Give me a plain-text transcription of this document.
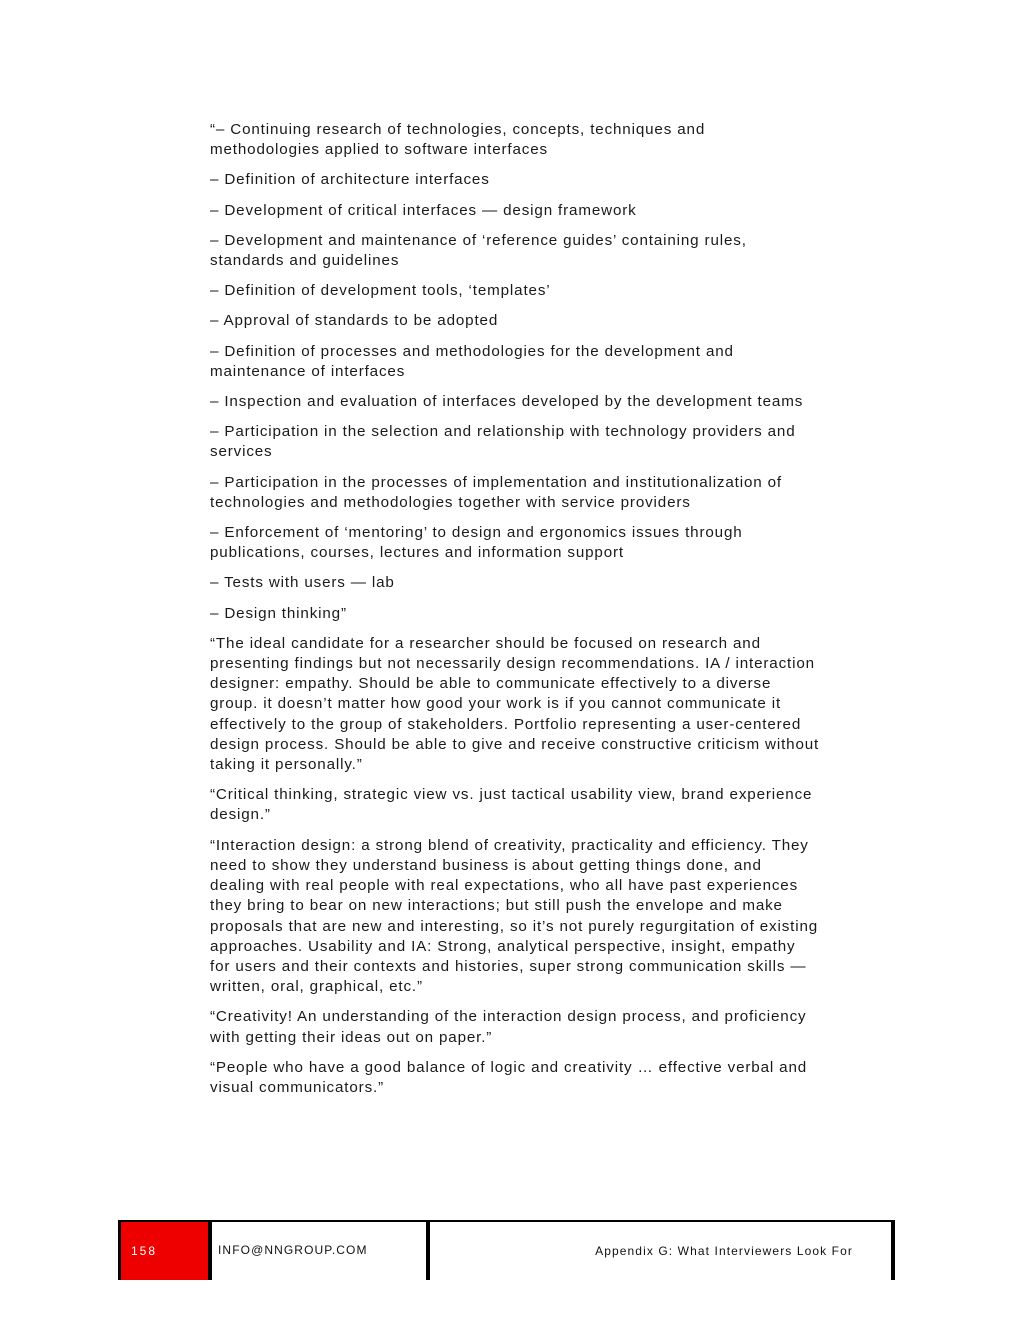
“– Continuing research of technologies, concepts, techniques and methodologies applied to software interfaces

– Definition of architecture interfaces

– Development of critical interfaces — design framework

– Development and maintenance of ‘reference guides’ containing rules, standards and guidelines

– Definition of development tools, ‘templates’

– Approval of standards to be adopted

– Definition of processes and methodologies for the development and maintenance of interfaces

– Inspection and evaluation of interfaces developed by the development teams

– Participation in the selection and relationship with technology providers and services

– Participation in the processes of implementation and institutionalization of technologies and methodologies together with service providers

– Enforcement of ‘mentoring’ to design and ergonomics issues through publications, courses, lectures and information support

– Tests with users — lab

– Design thinking”

“The ideal candidate for a researcher should be focused on research and presenting findings but not necessarily design recommendations. IA / interaction designer: empathy. Should be able to communicate effectively to a diverse group. it doesn’t matter how good your work is if you cannot communicate it effectively to the group of stakeholders. Portfolio representing a user-centered design process. Should be able to give and receive constructive criticism without taking it personally.”

“Critical thinking, strategic view vs. just tactical usability view, brand experience design.”

“Interaction design: a strong blend of creativity, practicality and efficiency. They need to show they understand business is about getting things done, and dealing with real people with real expectations, who all have past experiences they bring to bear on new interactions; but still push the envelope and make proposals that are new and interesting, so it’s not purely regurgitation of existing approaches. Usability and IA: Strong, analytical perspective, insight, empathy for users and their contexts and histories, super strong communication skills — written, oral, graphical, etc.”

“Creativity! An understanding of the interaction design process, and proficiency with getting their ideas out on paper.”

“People who have a good balance of logic and creativity … effective verbal and visual communicators.”

158	INFO@NNGROUP.COM	Appendix G: What Interviewers Look For
